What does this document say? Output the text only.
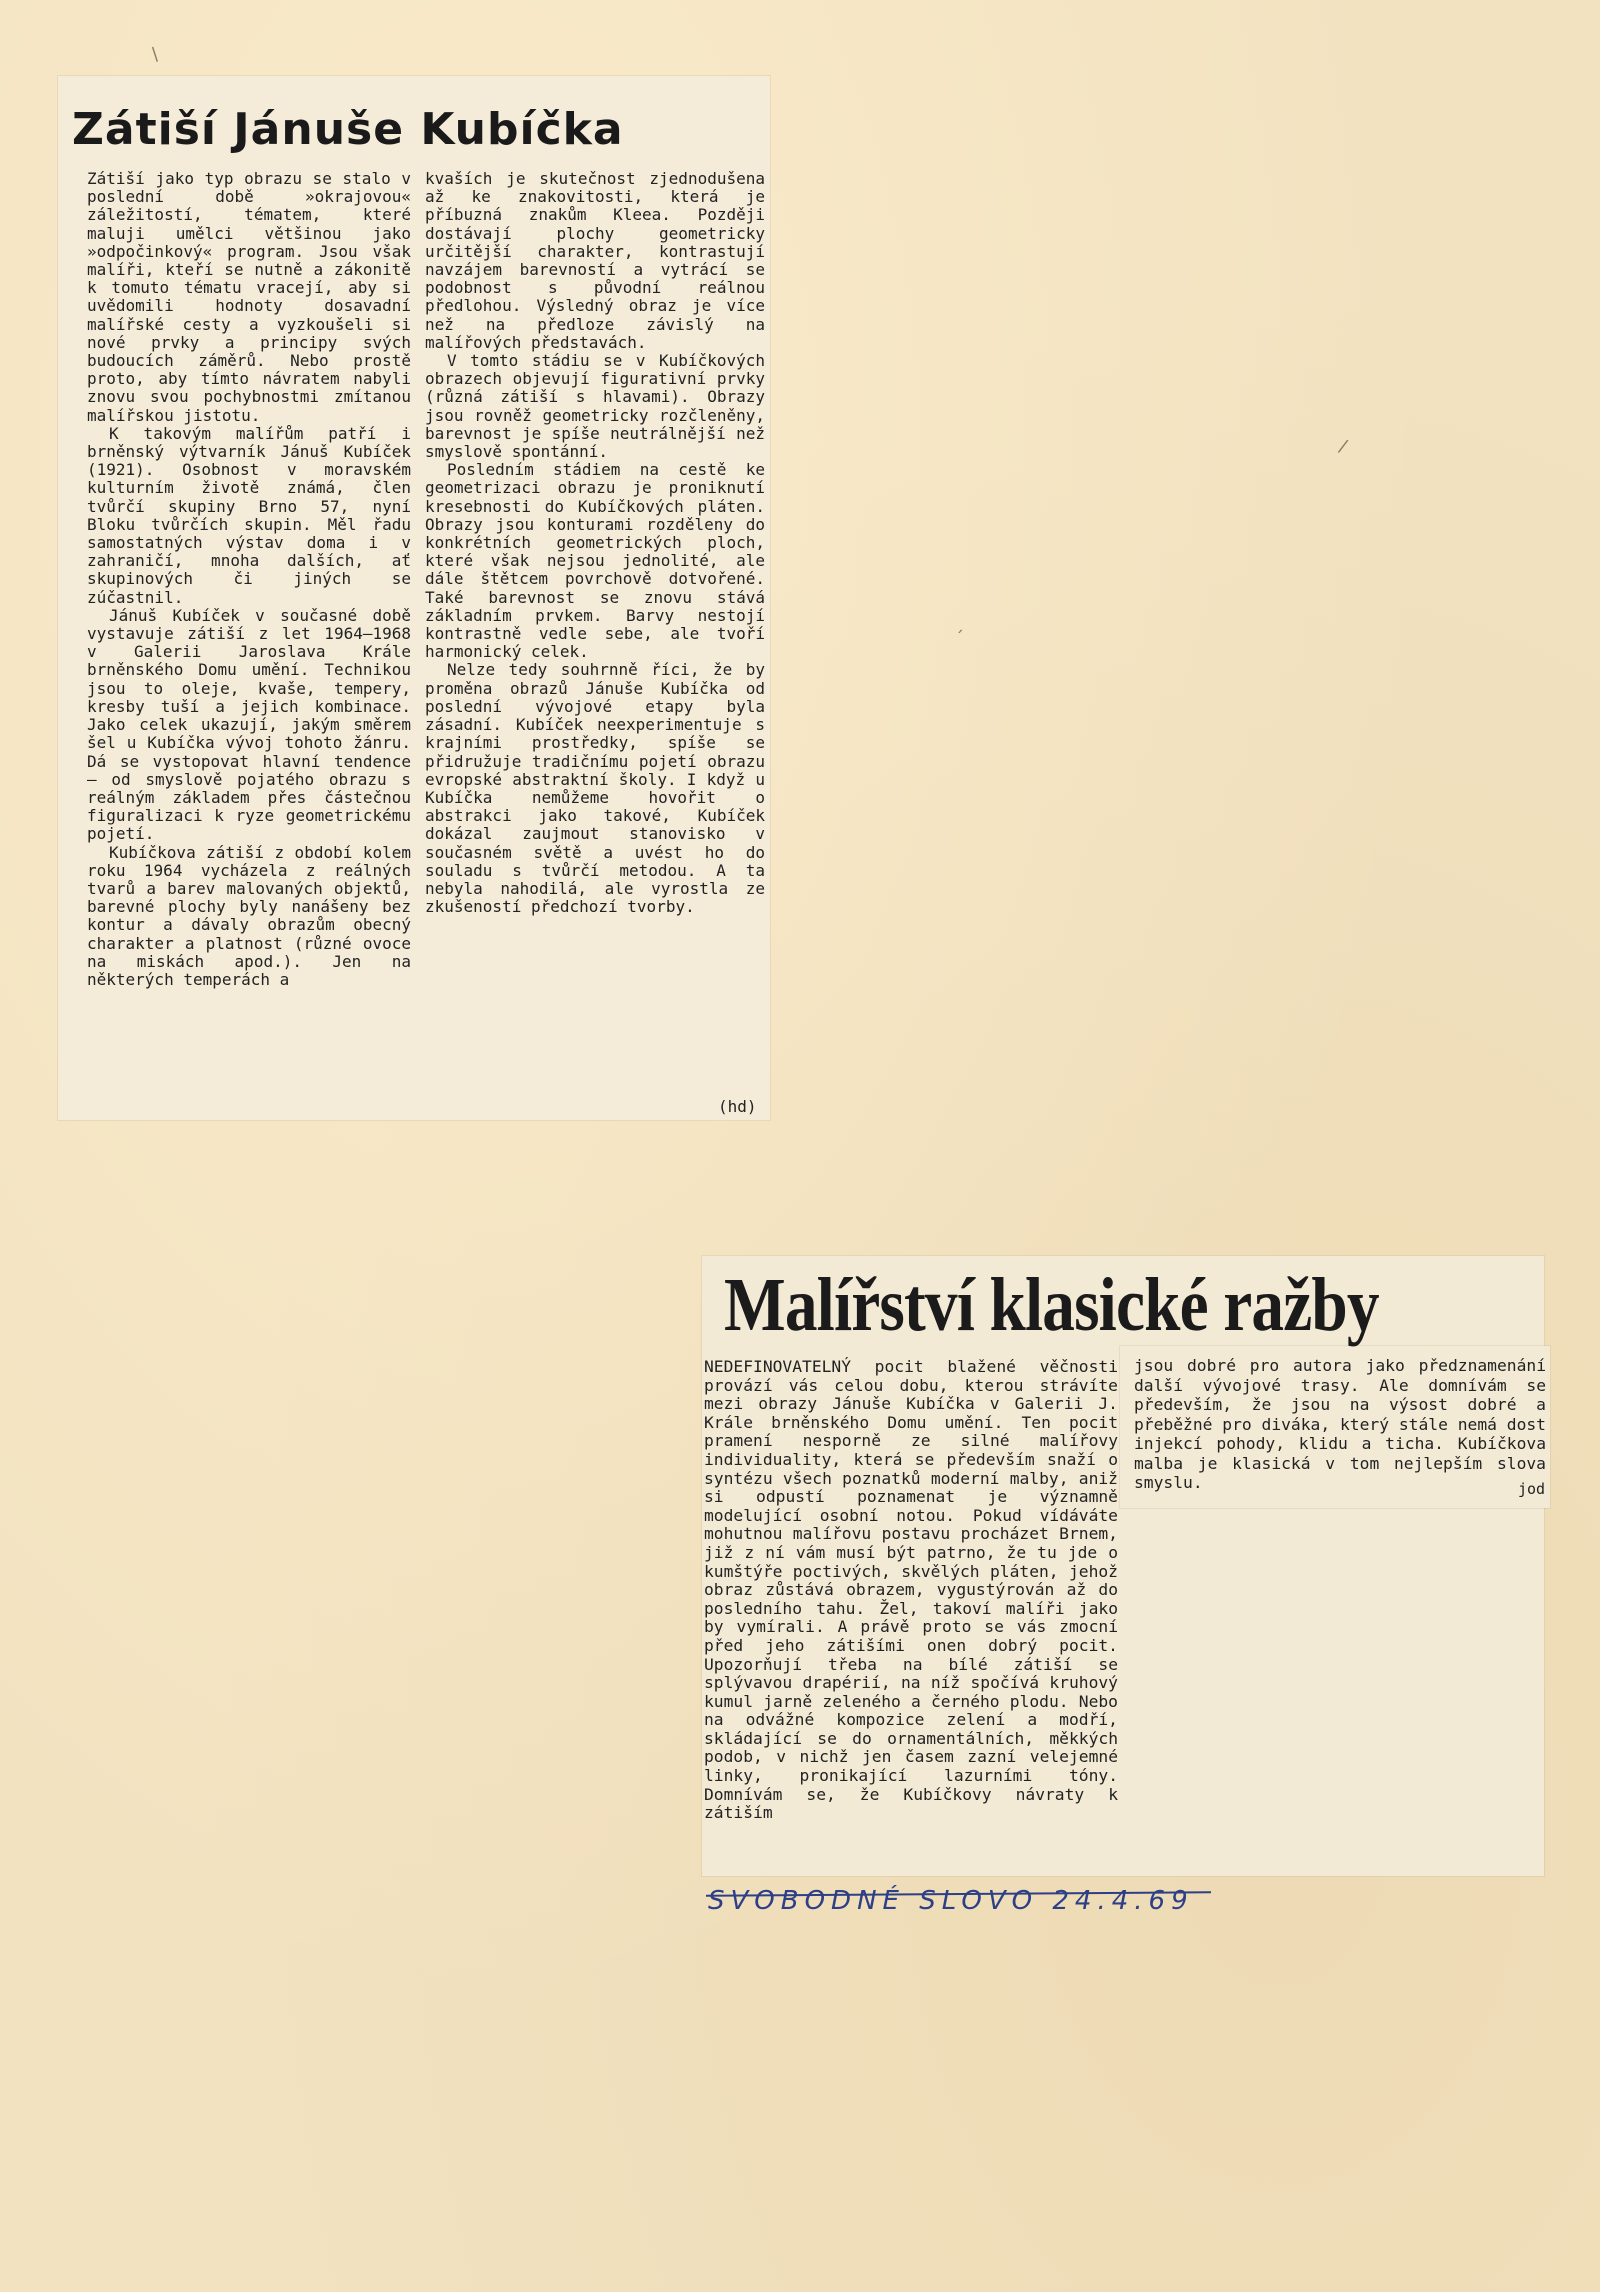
Zátiší Jánuše Kubíčka

Zátiší jako typ obrazu se stalo v poslední době »okrajovou« záležitostí, tématem, které maluji umělci většinou jako »odpočinkový« program. Jsou však malíři, kteří se nutně a zákonitě k tomuto tématu vracejí, aby si uvědomili hodnoty dosavadní malířské cesty a vyzkoušeli si nové prvky a principy svých budoucích záměrů. Nebo prostě proto, aby tímto návratem nabyli znovu svou pochybnostmi zmítanou malířskou jistotu.

K takovým malířům patří i brněnský výtvarník Jánuš Kubíček (1921). Osobnost v moravském kulturním životě známá, člen tvůrčí skupiny Brno 57, nyní Bloku tvůrčích skupin. Měl řadu samostatných výstav doma i v zahraničí, mnoha dalších, ať skupinových či jiných se zúčastnil.

Jánuš Kubíček v současné době vystavuje zátiší z let 1964—1968 v Galerii Jaroslava Krále brněnského Domu umění. Technikou jsou to oleje, kvaše, tempery, kresby tuší a jejich kombinace. Jako celek ukazují, jakým směrem šel u Kubíčka vývoj tohoto žánru. Dá se vystopovat hlavní tendence — od smyslově pojatého obrazu s reálným základem přes částečnou figuralizaci k ryze geometrickému pojetí.

Kubíčkova zátiší z období kolem roku 1964 vycházela z reálných tvarů a barev malovaných objektů, barevné plochy byly nanášeny bez kontur a dávaly obrazům obecný charakter a platnost (různé ovoce na miskách apod.). Jen na některých temperách a

kvaších je skutečnost zjednodušena až ke znakovitosti, která je příbuzná znakům Kleea. Později dostávají plochy geometricky určitější charakter, kontrastují navzájem barevností a vytrácí se podobnost s původní reálnou předlohou. Výsledný obraz je více než na předloze závislý na malířových představách.

V tomto stádiu se v Kubíčkových obrazech objevují figurativní prvky (různá zátiší s hlavami). Obrazy jsou rovněž geometricky rozčleněny, barevnost je spíše neutrálnější než smyslově spontánní.

Posledním stádiem na cestě ke geometrizaci obrazu je proniknutí kresebnosti do Kubíčkových pláten. Obrazy jsou konturami rozděleny do konkrétních geometrických ploch, které však nejsou jednolité, ale dále štětcem povrchově dotvořené. Také barevnost se znovu stává základním prvkem. Barvy nestojí kontrastně vedle sebe, ale tvoří harmonický celek.

Nelze tedy souhrnně říci, že by proměna obrazů Jánuše Kubíčka od poslední vývojové etapy byla zásadní. Kubíček neexperimentuje s krajními prostředky, spíše se přidružuje tradičnímu pojetí obrazu evropské abstraktní školy. I když u Kubíčka nemůžeme hovořit o abstrakci jako takové, Kubíček dokázal zaujmout stanovisko v současném světě a uvést ho do souladu s tvůrčí metodou. A ta nebyla nahodilá, ale vyrostla ze zkušeností předchozí tvorby.

(hd)
Malířství klasické ražby

NEDEFINOVATELNÝ pocit blažené věčnosti provází vás celou dobu, kterou strávíte mezi obrazy Jánuše Kubíčka v Galerii J. Krále brněnského Domu umění. Ten pocit pramení nesporně ze silné malířovy individuality, která se především snaží o syntézu všech poznatků moderní malby, aniž si odpustí poznamenat je významně modelující osobní notou. Pokud vídáváte mohutnou malířovu postavu procházet Brnem, již z ní vám musí být patrno, že tu jde o kumštýře poctivých, skvělých pláten, jehož obraz zůstává obrazem, vygustýrován až do posledního tahu. Žel, takoví malíři jako by vymírali. A právě proto se vás zmocní před jeho zátišími onen dobrý pocit. Upozorňují třeba na bílé zátiší se splývavou drapérií, na níž spočívá kruhový kumul jarně zeleného a černého plodu. Nebo na odvážné kompozice zelení a modří, skládající se do ornamentálních, měkkých podob, v nichž jen časem zazní velejemné linky, pronikající lazurními tóny. Domnívám se, že Kubíčkovy návraty k zátiším

jsou dobré pro autora jako předznamenání další vývojové trasy. Ale domnívám se především, že jsou na výsost dobré a přeběžné pro diváka, který stále nemá dost injekcí pohody, klidu a ticha. Kubíčkova malba je klasická v tom nejlepším slova smyslu.	jod
SVOBODNÉ SLOVO 24.4.69
/
/
´
